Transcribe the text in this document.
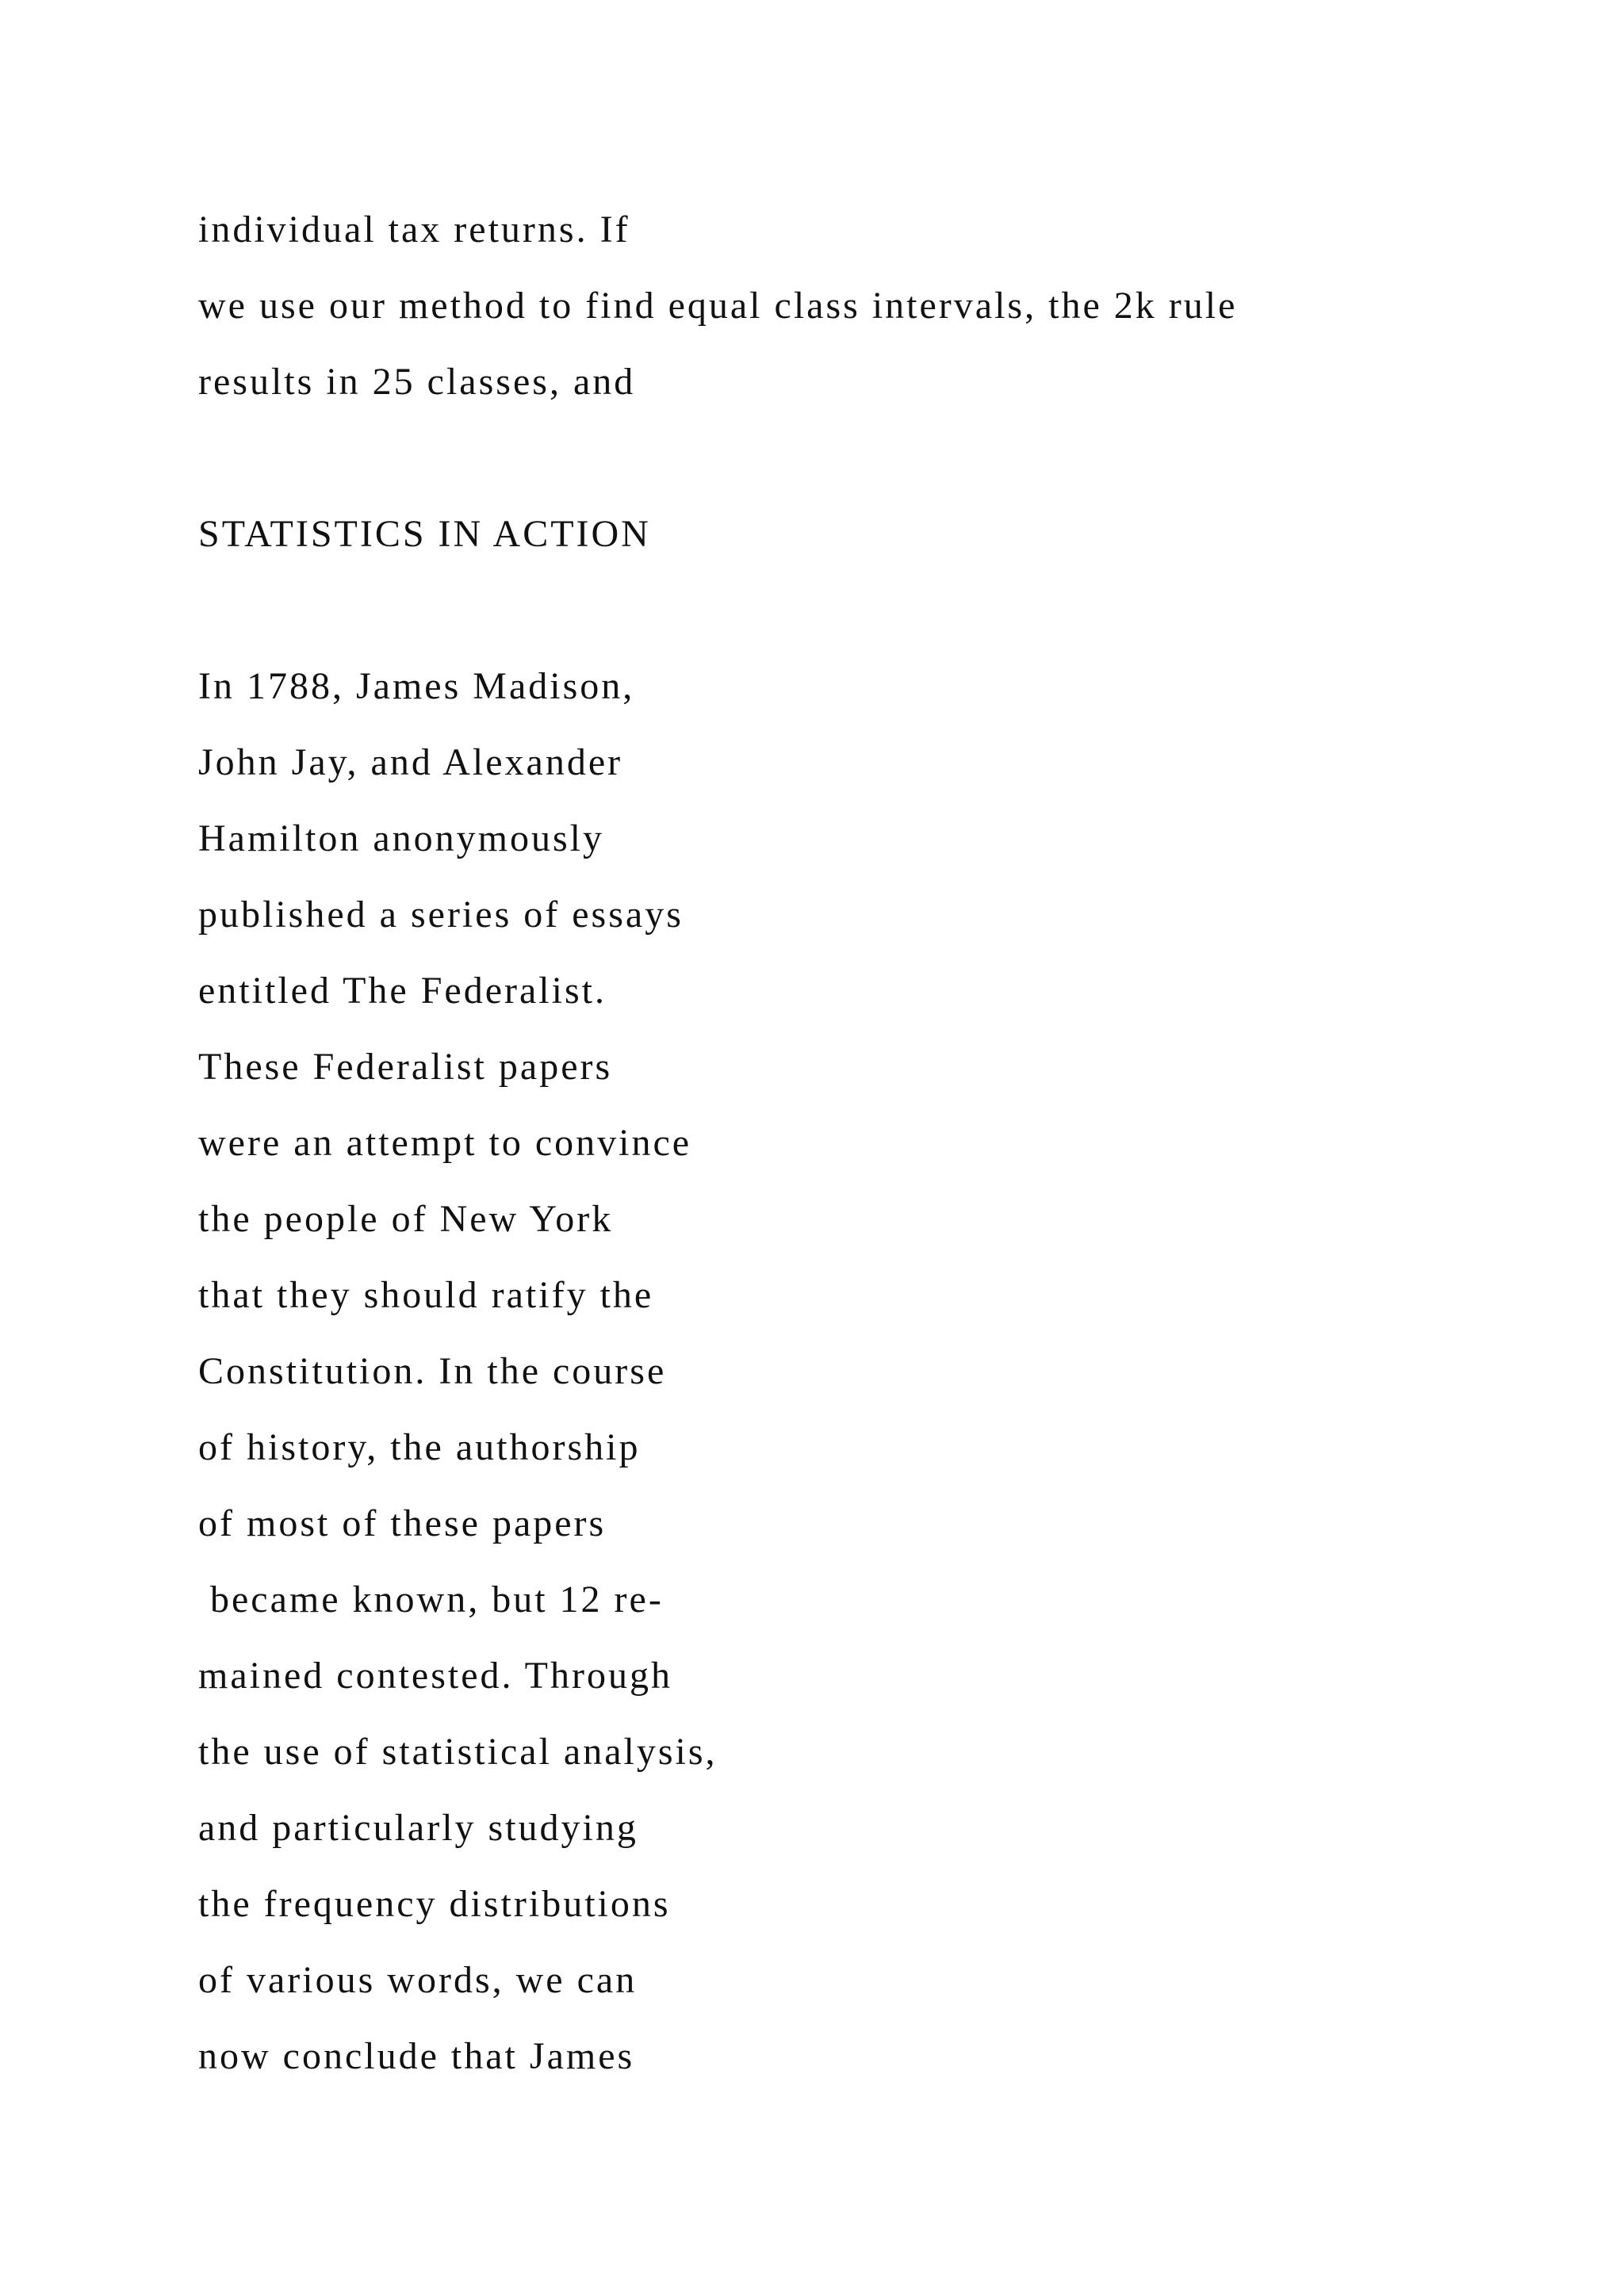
individual tax returns. If
we use our method to find equal class intervals, the 2k rule
results in 25 classes, and
STATISTICS IN ACTION
In 1788, James Madison,
John Jay, and Alexander
Hamilton anonymously
published a series of essays
entitled The Federalist.
These Federalist papers
were an attempt to convince
the people of New York
that they should ratify the
Constitution. In the course
of history, the authorship
of most of these papers
became known, but 12 re-
mained contested. Through
the use of statistical analysis,
and particularly studying
the frequency distributions
of various words, we can
now conclude that James
